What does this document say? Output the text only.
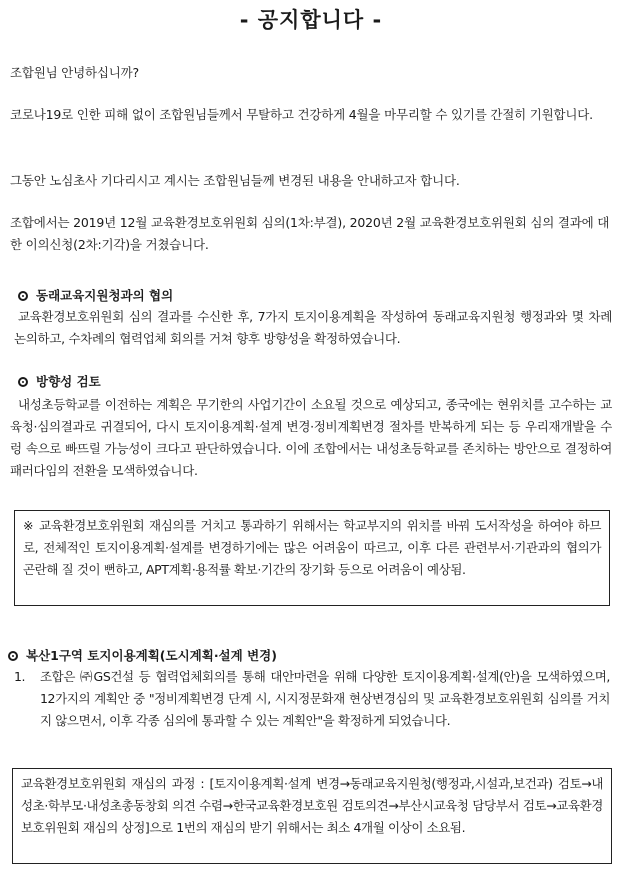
- 공지합니다 -

조합원님 안녕하십니까?

코로나19로 인한 피해 없이 조합원님들께서 무탈하고 건강하게 4월을 마무리할 수 있기를 간절히 기원합니다.

그동안 노심초사 기다리시고 계시는 조합원님들께 변경된 내용을 안내하고자 합니다.

조합에서는 2019년 12월 교육환경보호위원회 심의(1차:부결), 2020년 2월 교육환경보호위원회 심의 결과에 대한 이의신청(2차:기각)을 거쳤습니다.

동래교육지원청과의 협의
교육환경보호위원회 심의 결과를 수신한 후, 7가지 토지이용계획을 작성하여 동래교육지원청 행정과와 몇 차례 논의하고, 수차례의 협력업체 회의를 거쳐 향후 방향성을 확정하였습니다.
방향성 검토
내성초등학교를 이전하는 계획은 무기한의 사업기간이 소요될 것으로 예상되고, 종국에는 현위치를 고수하는 교육청·심의결과로 귀결되어, 다시 토지이용계획·설계 변경·정비계획변경 절차를 반복하게 되는 등 우리재개발을 수렁 속으로 빠뜨릴 가능성이 크다고 판단하였습니다. 이에 조합에서는 내성초등학교를 존치하는 방안으로 결정하여 패러다임의 전환을 모색하였습니다.
※ 교육환경보호위원회 재심의를 거치고 통과하기 위해서는 학교부지의 위치를 바꿔 도서작성을 하여야 하므로, 전체적인 토지이용계획·설계를 변경하기에는 많은 어려움이 따르고, 이후 다른 관련부서·기관과의 협의가 곤란해 질 것이 뻔하고, APT계획·용적률 확보·기간의 장기화 등으로 어려움이 예상됨.
복산1구역 토지이용계획(도시계획·설계 변경)
1. 조합은 ㈜GS건설 등 협력업체회의를 통해 대안마련을 위해 다양한 토지이용계획·설계(안)을 모색하였으며, 12가지의 계획안 중 "정비계획변경 단계 시, 시지정문화재 현상변경심의 및 교육환경보호위원회 심의를 거치지 않으면서, 이후 각종 심의에 통과할 수 있는 계획안"을 확정하게 되었습니다.
교육환경보호위원회 재심의 과정 : [토지이용계획·설계 변경→동래교육지원청(행정과,시설과,보건과) 검토→내성초·학부모·내성초총동창회 의견 수렴→한국교육환경보호원 검토의견→부산시교육청 담당부서 검토→교육환경보호위원회 재심의 상정]으로 1번의 재심의 받기 위해서는 최소 4개월 이상이 소요됨.
